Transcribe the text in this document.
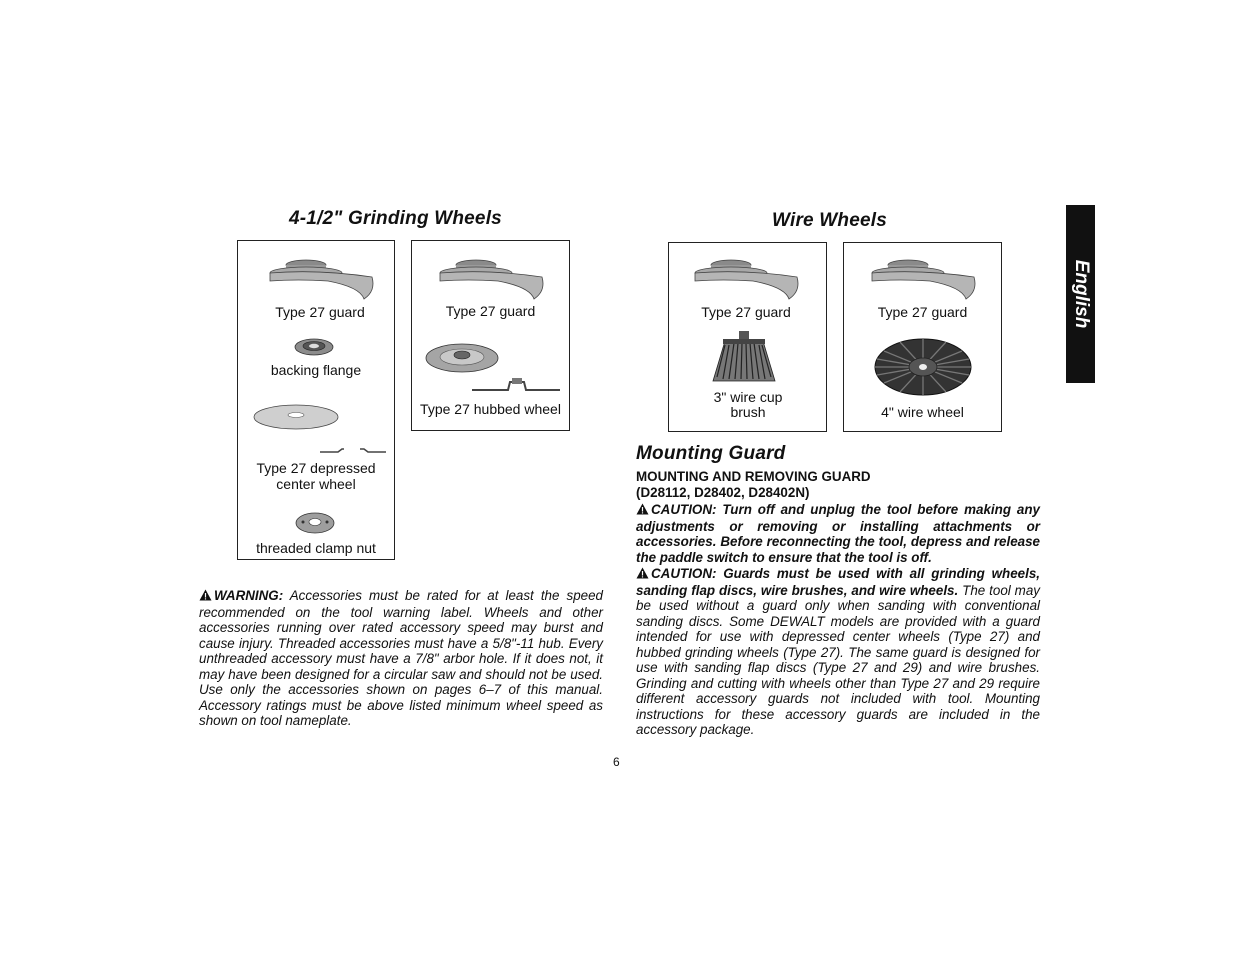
4-1/2" Grinding Wheels	Wire Wheels
English
Type 27 guard
backing flange
Type 27 depressed
center wheel
threaded clamp nut
Type 27 guard
Type 27 hubbed wheel
Type 27 guard
3" wire cup
brush
Type 27 guard
4" wire wheel
WARNING: Accessories must be rated for at least the speed recommended on the tool warning label. Wheels and other accessories running over rated accessory speed may burst and cause injury. Threaded accessories must have a 5/8"-11 hub. Every unthreaded accessory must have a 7/8" arbor hole. If it does not, it may have been designed for a circular saw and should not be used. Use only the accessories shown on pages 6–7 of this manual. Accessory ratings must be above listed minimum wheel speed as shown on tool nameplate.
Mounting Guard
MOUNTING AND REMOVING GUARD
(D28112, D28402, D28402N)
CAUTION: Turn off and unplug the tool before making any adjustments or removing or installing attachments or accessories. Before reconnecting the tool, depress and release the paddle switch to ensure that the tool is off.
CAUTION: Guards must be used with all grinding wheels, sanding flap discs, wire brushes, and wire wheels. The tool may be used without a guard only when sanding with conventional sanding discs. Some DEWALT models are provided with a guard intended for use with depressed center wheels (Type 27) and hubbed grinding wheels (Type 27). The same guard is designed for use with sanding flap discs (Type 27 and 29) and wire brushes. Grinding and cutting with wheels other than Type 27 and 29 require different accessory guards not included with tool. Mounting instructions for these accessory guards are included in the accessory package.
6
